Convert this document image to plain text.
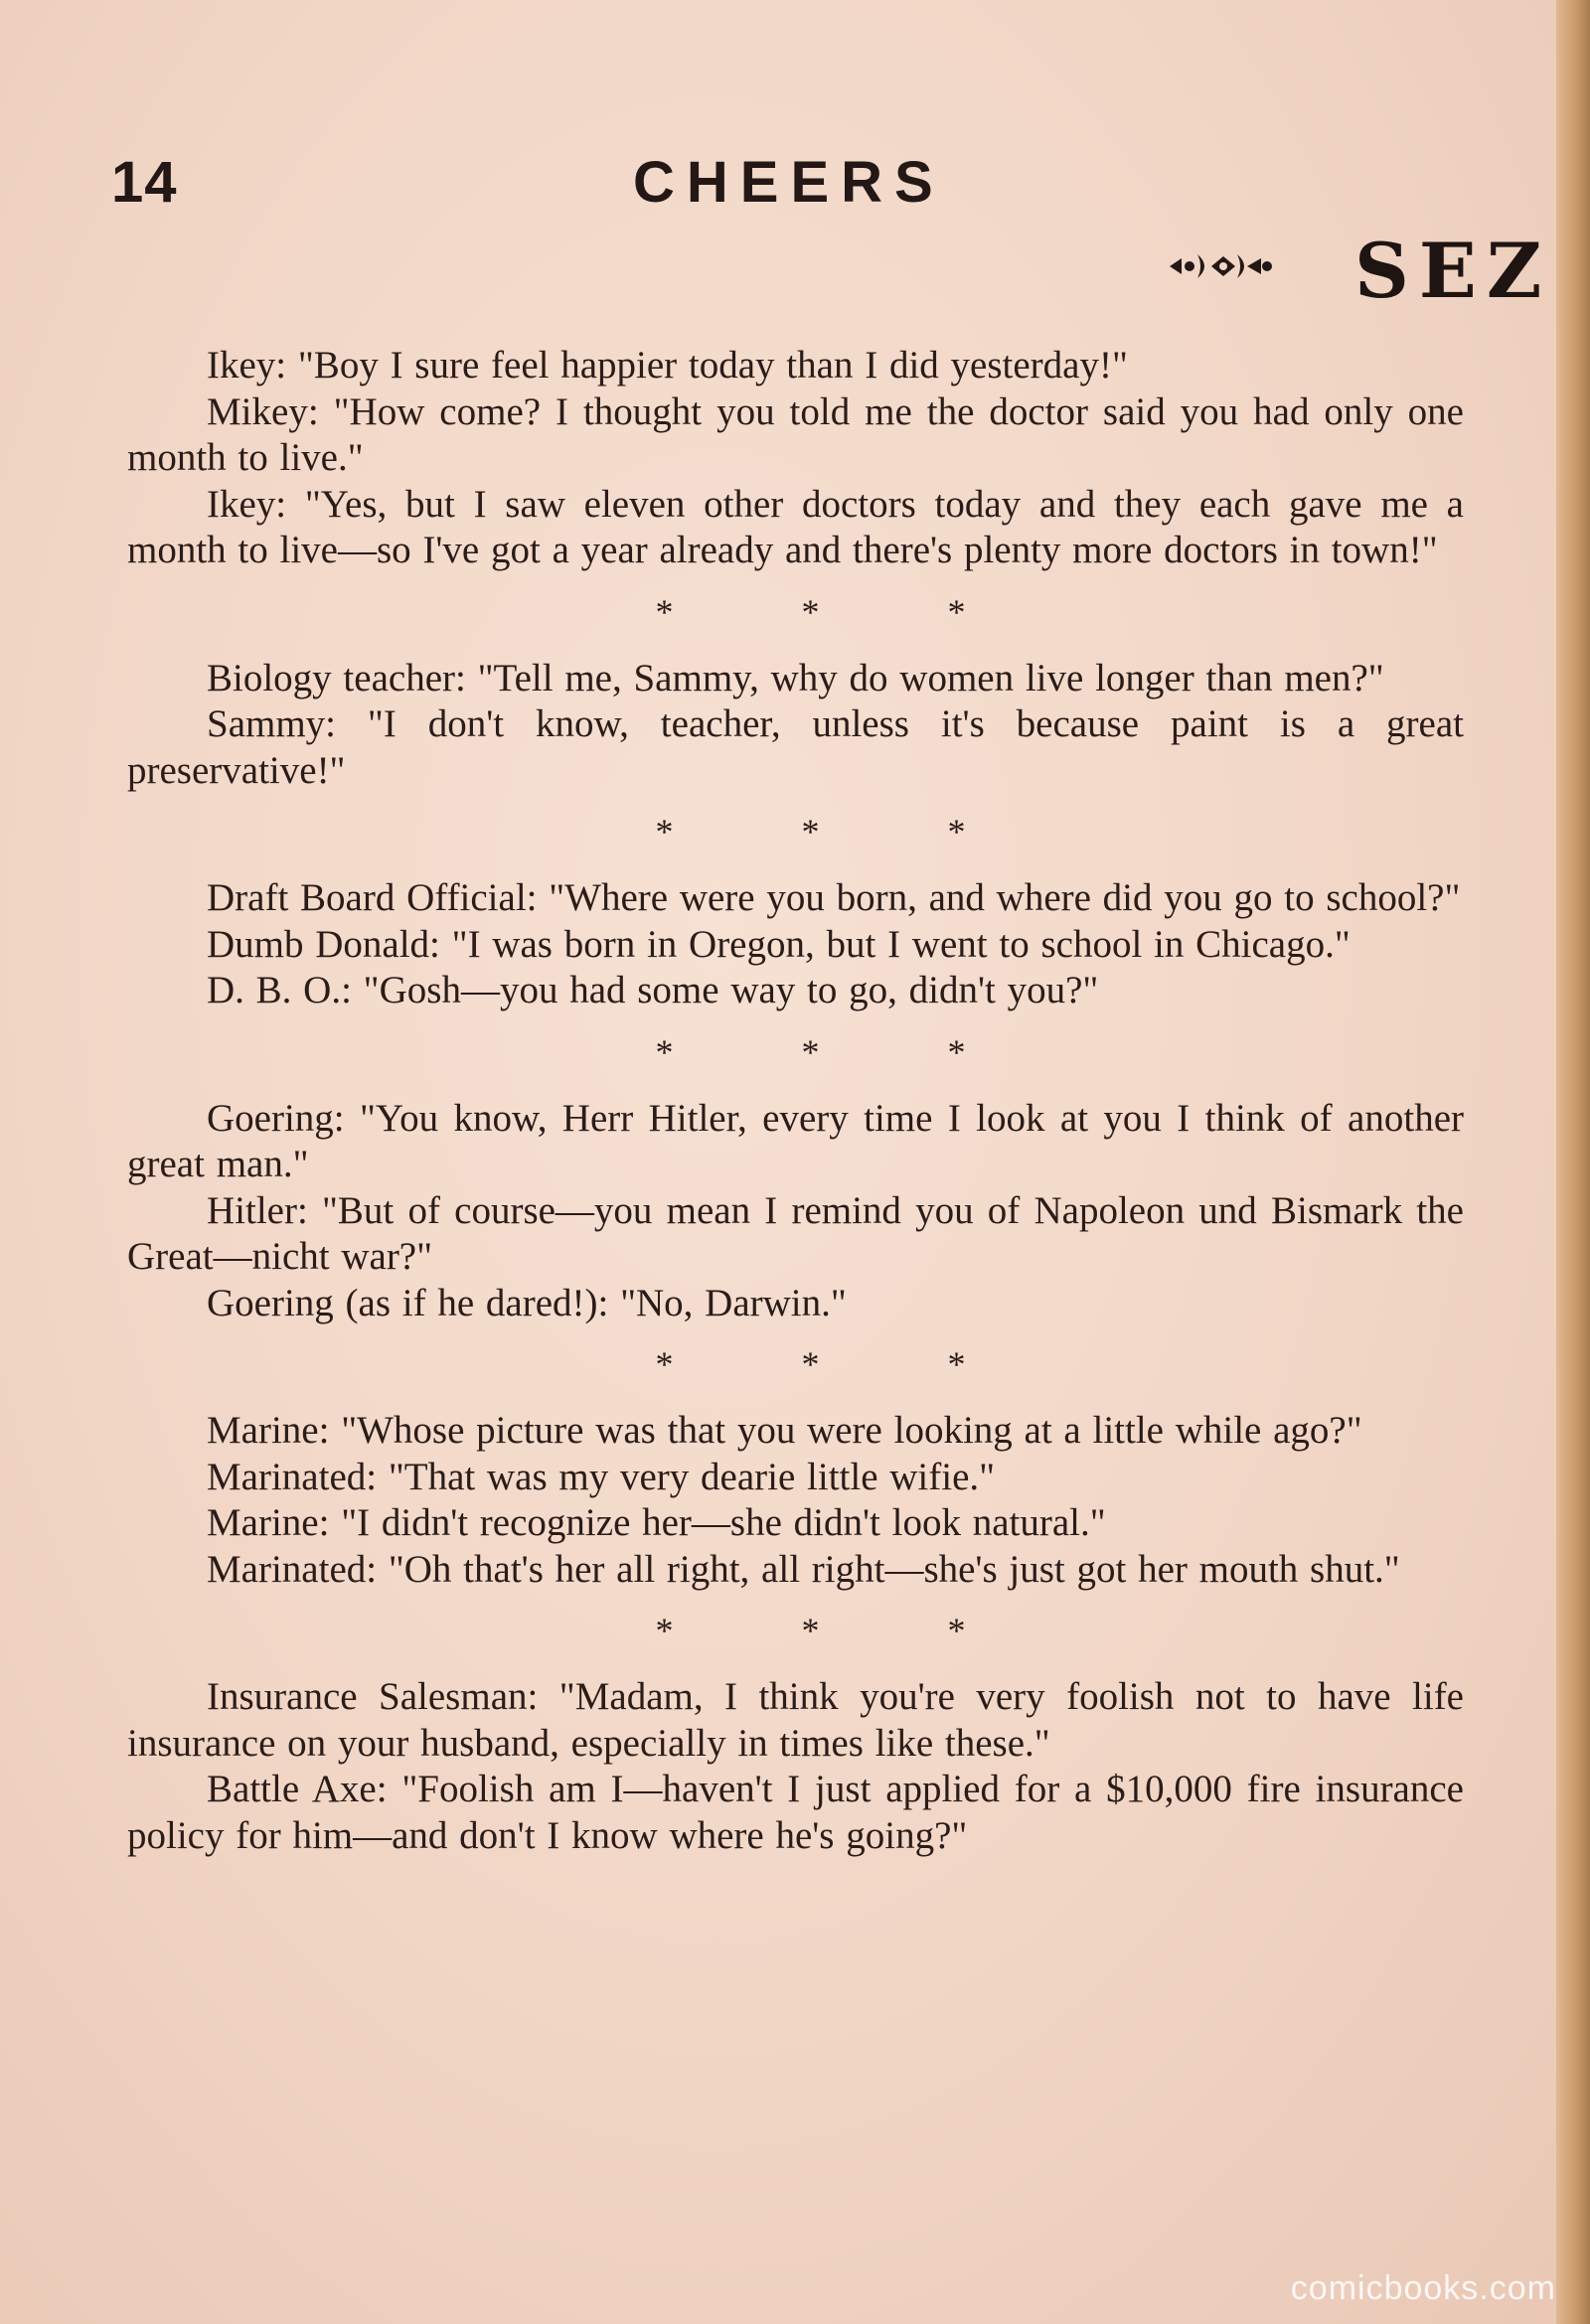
14	CHEERS
SEZ

Ikey: "Boy I sure feel happier today than I did yesterday!"

Mikey: "How come? I thought you told me the doctor said you had only one month to live."

Ikey: "Yes, but I saw eleven other doctors today and they each gave me a month to live—so I've got a year already and there's plenty more doctors in town!"

* * *

Biology teacher: "Tell me, Sammy, why do women live longer than men?"

Sammy: "I don't know, teacher, unless it's because paint is a great preservative!"

* * *

Draft Board Official: "Where were you born, and where did you go to school?"

Dumb Donald: "I was born in Oregon, but I went to school in Chicago."

D. B. O.: "Gosh—you had some way to go, didn't you?"

* * *

Goering: "You know, Herr Hitler, every time I look at you I think of another great man."

Hitler: "But of course—you mean I remind you of Napoleon und Bismark the Great—nicht war?"

Goering (as if he dared!): "No, Darwin."

* * *

Marine: "Whose picture was that you were looking at a little while ago?"

Marinated: "That was my very dearie little wifie."

Marine: "I didn't recognize her—she didn't look natural."

Marinated: "Oh that's her all right, all right—she's just got her mouth shut."

* * *

Insurance Salesman: "Madam, I think you're very foolish not to have life insurance on your husband, especially in times like these."

Battle Axe: "Foolish am I—haven't I just applied for a $10,000 fire insurance policy for him—and don't I know where he's going?"

comicbooks.com
